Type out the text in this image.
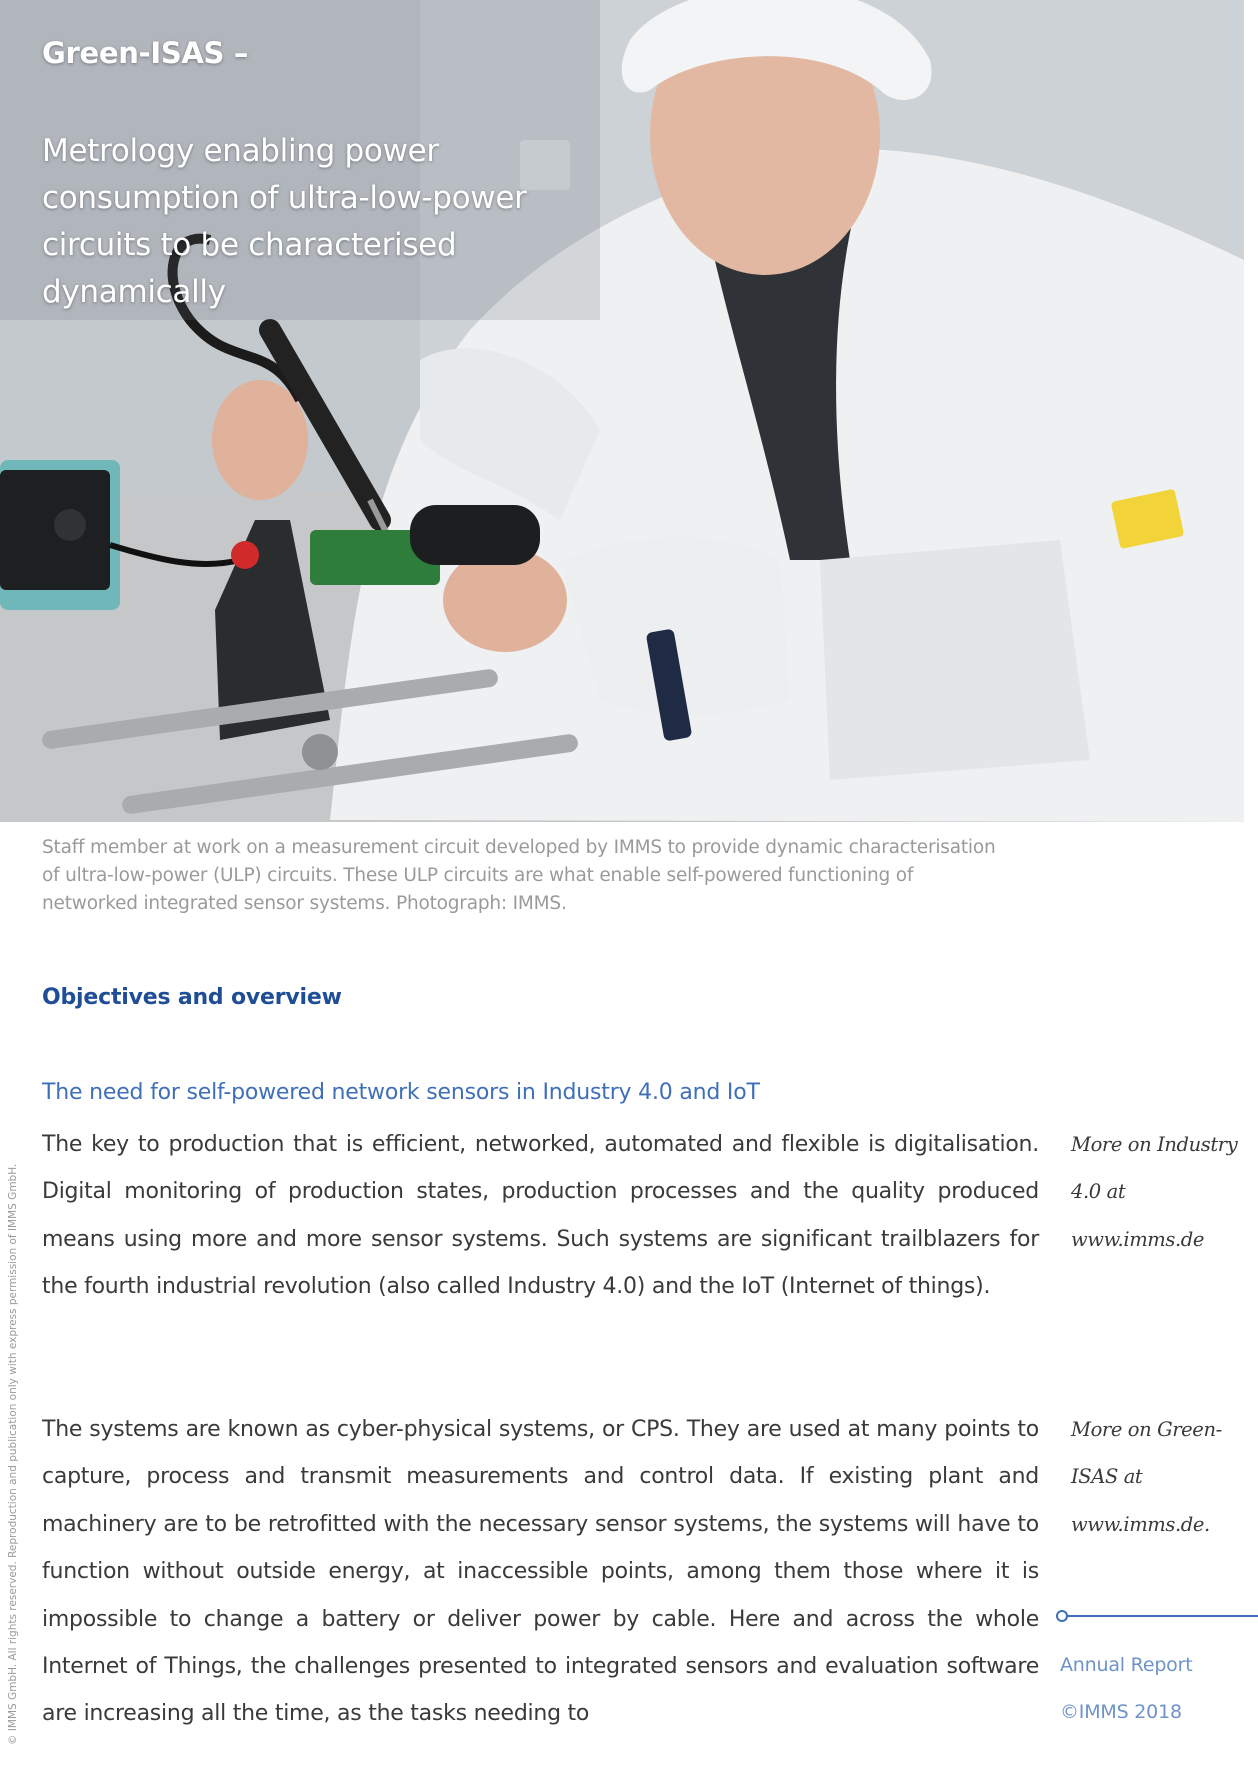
Green-ISAS –

Metrology enabling power consumption of ultra-low-power circuits to be characterised dynamically

Staff member at work on a measurement circuit developed by IMMS to provide dynamic characterisation of ultra-low-power (ULP) circuits. These ULP circuits are what enable self-powered functioning of networked integrated sensor systems. Photograph: IMMS.

© IMMS GmbH. All rights reserved. Reproduction and publication only with express permission of IMMS GmbH.
Objectives and overview
The need for self-powered network sensors in Industry 4.0 and IoT

The key to production that is efficient, networked, automated and flexible is digitalisation. Digital monitoring of production states, production processes and the quality produced means using more and more sensor systems. Such systems are significant trailblazers for the fourth industrial revolution (also called Industry 4.0) and the IoT (Internet of things).

The systems are known as cyber-physical systems, or CPS. They are used at many points to capture, process and transmit measurements and control data. If existing plant and machinery are to be retrofitted with the necessary sensor systems, the systems will have to function without outside energy, at inaccessible points, among them those where it is impossible to change a battery or deliver power by cable. Here and across the whole Internet of Things, the challenges presented to integrated sensors and evaluation software are increasing all the time, as the tasks needing to

More on Industry 4.0 at www.imms.de

More on Green-ISAS at www.imms.de.

Annual Report
©IMMS 2018
